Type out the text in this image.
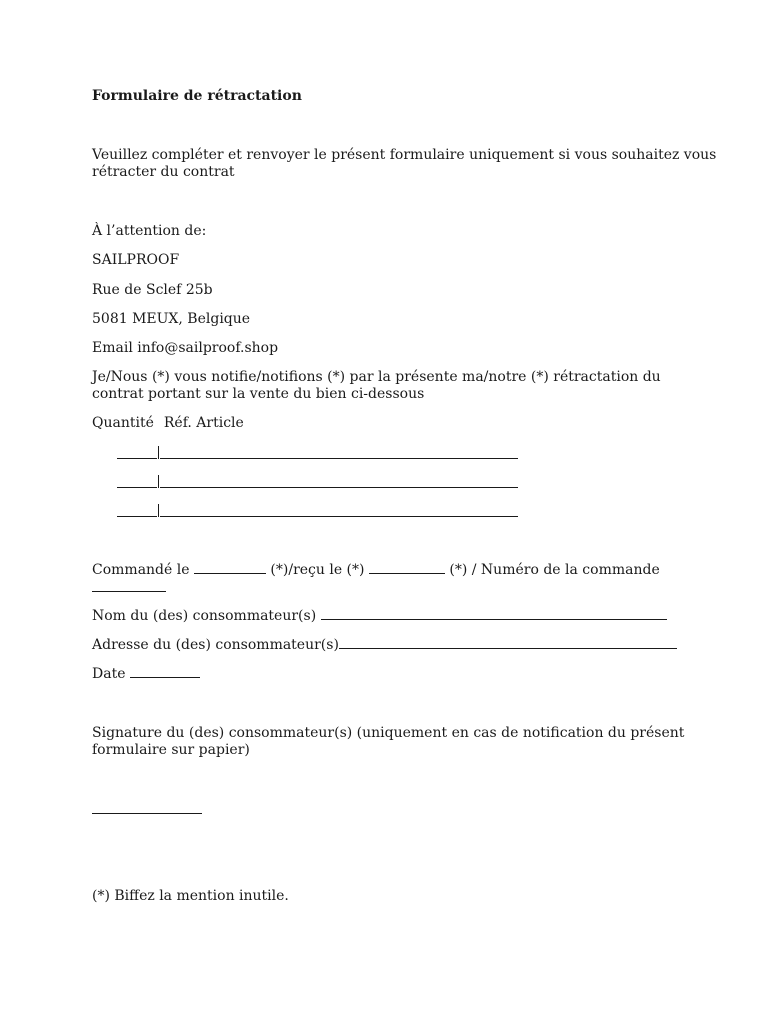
Formulaire de rétractation
Veuillez compléter et renvoyer le présent formulaire uniquement si vous souhaitez vous
rétracter du contrat
À l’attention de:
SAILPROOF
Rue de Sclef 25b
5081 MEUX, Belgique
Email info@sailproof.shop
Je/Nous (*) vous notifie/notifions (*) par la présente ma/notre (*) rétractation du
contrat portant sur la vente du bien ci-dessous
Quantité Réf. Article
Commandé le	(*)/reçu le (*)	(*) / Numéro de la commande
Nom du (des) consommateur(s)
Adresse du (des) consommateur(s)
Date
Signature du (des) consommateur(s) (uniquement en cas de notification du présent
formulaire sur papier)
(*) Biffez la mention inutile.
